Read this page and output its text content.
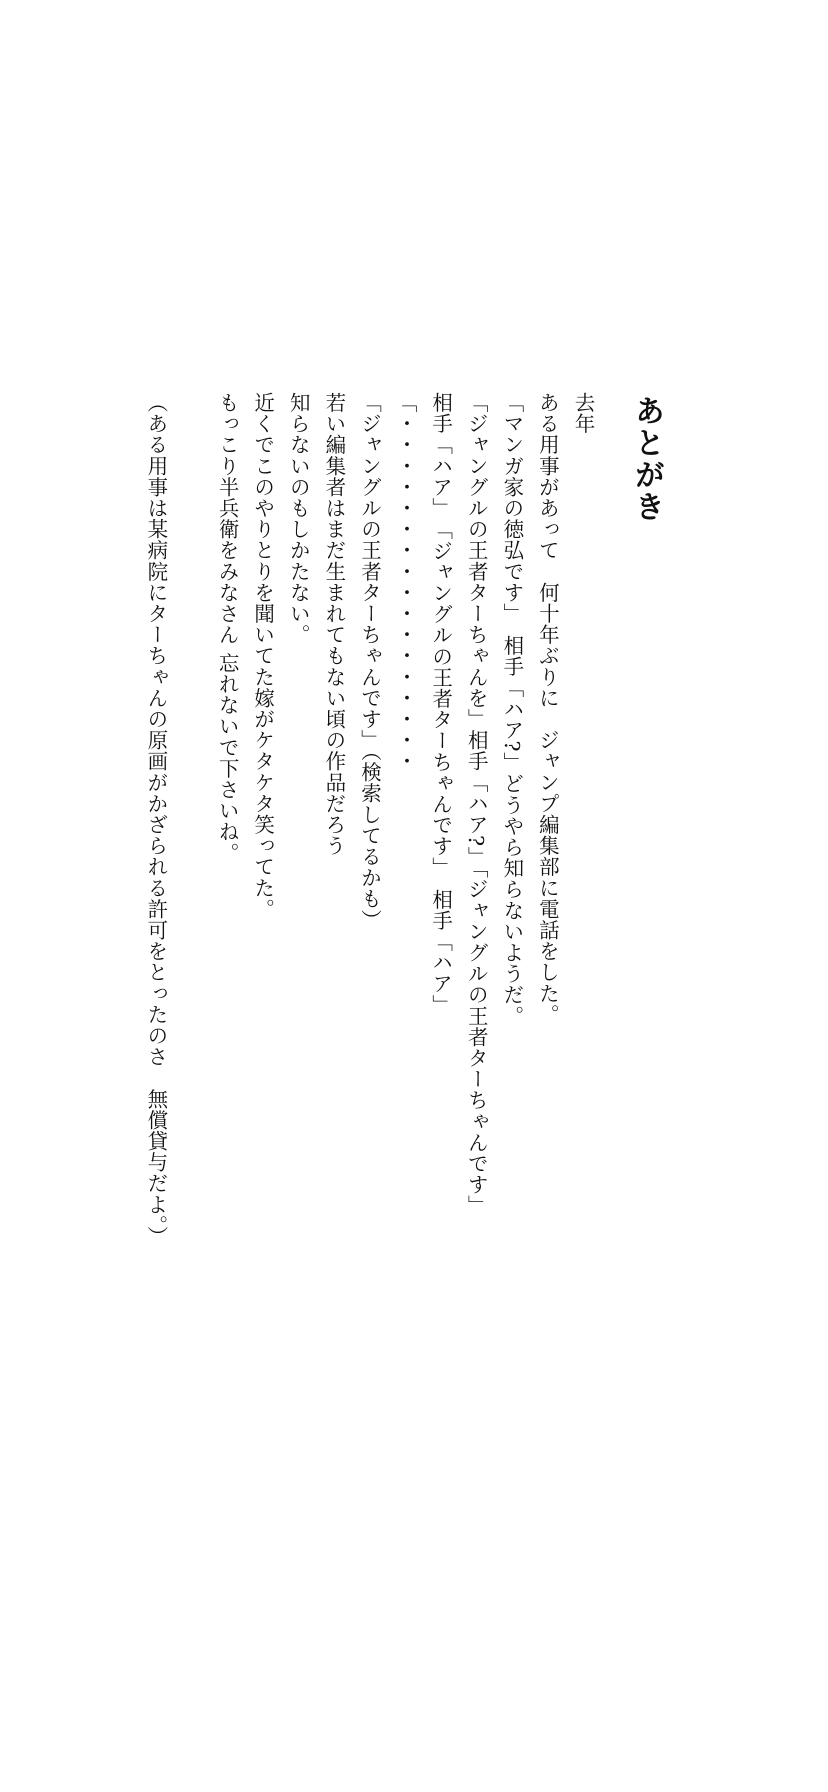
あとがき
去年
ある用事があって　何十年ぶりに　ジャンプ編集部に電話をした。
「マンガ家の徳弘です」　相手「ハア?」どうやら知らないようだ。
「ジャングルの王者ターちゃんを」相手「ハア?」「ジャングルの王者ターちゃんです」
相手「ハア」　「ジャングルの王者ターちゃんです」　相手「ハア」
「・・・・・・・・・・・・・・・・・
「ジャングルの王者ターちゃんです」（検索してるかも）
若い編集者はまだ生まれてもない頃の作品だろう
知らないのもしかたない。
近くでこのやりとりを聞いてた嫁がケタケタ笑ってた。
もっこり半兵衛をみなさん 忘れないで下さいね。
（ある用事は某病院にターちゃんの原画がかざられる許可をとったのさ　無償貸与だよ。）
